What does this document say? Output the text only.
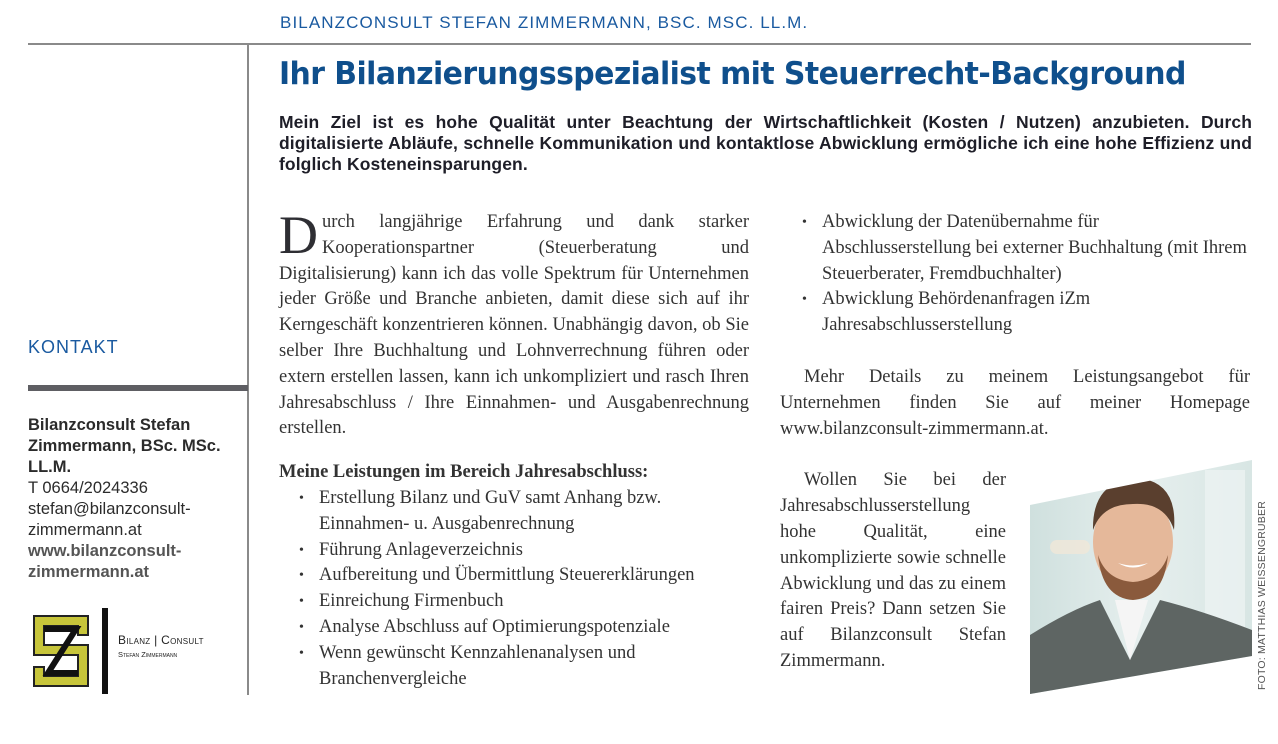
BILANZCONSULT STEFAN ZIMMERMANN, BSC. MSC. LL.M.
KONTAKT
Bilanzconsult Stefan Zimmermann, BSc. MSc. LL.M.
T 0664/2024336
stefan@bilanzconsult-zimmermann.at
www.bilanzconsult-zimmermann.at
Bilanz | Consult
Stefan Zimmermann
Ihr Bilanzierungsspezialist mit Steuerrecht-Background

Mein Ziel ist es hohe Qualität unter Beachtung der Wirtschaftlichkeit (Kosten / Nutzen) anzubieten. Durch digitalisierte Abläufe, schnelle Kommunikation und kontaktlose Abwicklung ermögliche ich eine hohe Effizienz und folglich Kosteneinsparungen.

Durch langjährige Erfahrung und dank starker Kooperationspartner (Steuerberatung und Digitalisierung) kann ich das volle Spektrum für Unternehmen jeder Größe und Branche anbieten, damit diese sich auf ihr Kerngeschäft konzentrieren können. Unabhängig davon, ob Sie selber Ihre Buchhaltung und Lohnverrechnung führen oder extern erstellen lassen, kann ich unkompliziert und rasch Ihren Jahresabschluss / Ihre Einnahmen- und Ausgabenrechnung erstellen.

Meine Leistungen im Bereich Jahresabschluss:
• Erstellung Bilanz und GuV samt Anhang bzw. Einnahmen- u. Ausgabenrechnung
• Führung Anlageverzeichnis
• Aufbereitung und Übermittlung Steuererklärungen
• Einreichung Firmenbuch
• Analyse Abschluss auf Optimierungspotenziale
• Wenn gewünscht Kennzahlenanalysen und Branchenvergleiche
• Abwicklung der Datenübernahme für Abschlusserstellung bei externer Buchhaltung (mit Ihrem Steuerberater, Fremdbuchhalter)
• Abwicklung Behördenanfragen iZm Jahresabschlusserstellung

Mehr Details zu meinem Leistungsangebot für Unternehmen finden Sie auf meiner Homepage www.bilanzconsult-zimmermann.at.

Wollen Sie bei der Jahresabschlusserstellung hohe Qualität, eine unkomplizierte sowie schnelle Abwicklung und das zu einem fairen Preis? Dann setzen Sie auf Bilanzconsult Stefan Zimmermann.	FOTO: MATTHIAS WEISSENGRUBER
